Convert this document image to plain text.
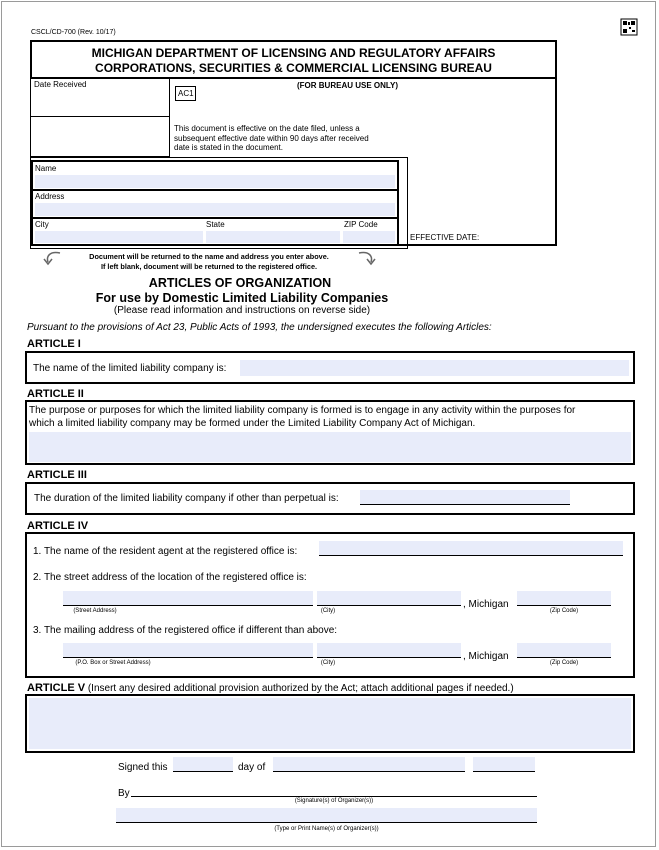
CSCL/CD-700 (Rev. 10/17)
MICHIGAN DEPARTMENT OF LICENSING AND REGULATORY AFFAIRS
CORPORATIONS, SECURITIES & COMMERCIAL LICENSING BUREAU
Date Received
AC1
(FOR BUREAU USE ONLY)
This document is effective on the date filed, unless a
subsequent effective date within 90 days after received
date is stated in the document.
EFFECTIVE DATE:
Name
Address
City	State	ZIP Code
Document will be returned to the name and address you enter above.
If left blank, document will be returned to the registered office.
ARTICLES OF ORGANIZATION
For use by Domestic Limited Liability Companies
(Please read information and instructions on reverse side)
Pursuant to the provisions of Act 23, Public Acts of 1993, the undersigned executes the following Articles:
ARTICLE I
The name of the limited liability company is:
ARTICLE II
The purpose or purposes for which the limited liability company is formed is to engage in any activity within the purposes for
which a limited liability company may be formed under the Limited Liability Company Act of Michigan.
ARTICLE III
The duration of the limited liability company if other than perpetual is:
ARTICLE IV
1. The name of the resident agent at the registered office is:
2. The street address of the location of the registered office is:
, Michigan
(Street Address)	(City)	(Zip Code)
3. The mailing address of the registered office if different than above:
, Michigan
(P.O. Box or Street Address)	(City)	(Zip Code)
ARTICLE V (Insert any desired additional provision authorized by the Act; attach additional pages if needed.)
Signed this	day of
By
(Signature(s) of Organizer(s))
(Type or Print Name(s) of Organizer(s))
